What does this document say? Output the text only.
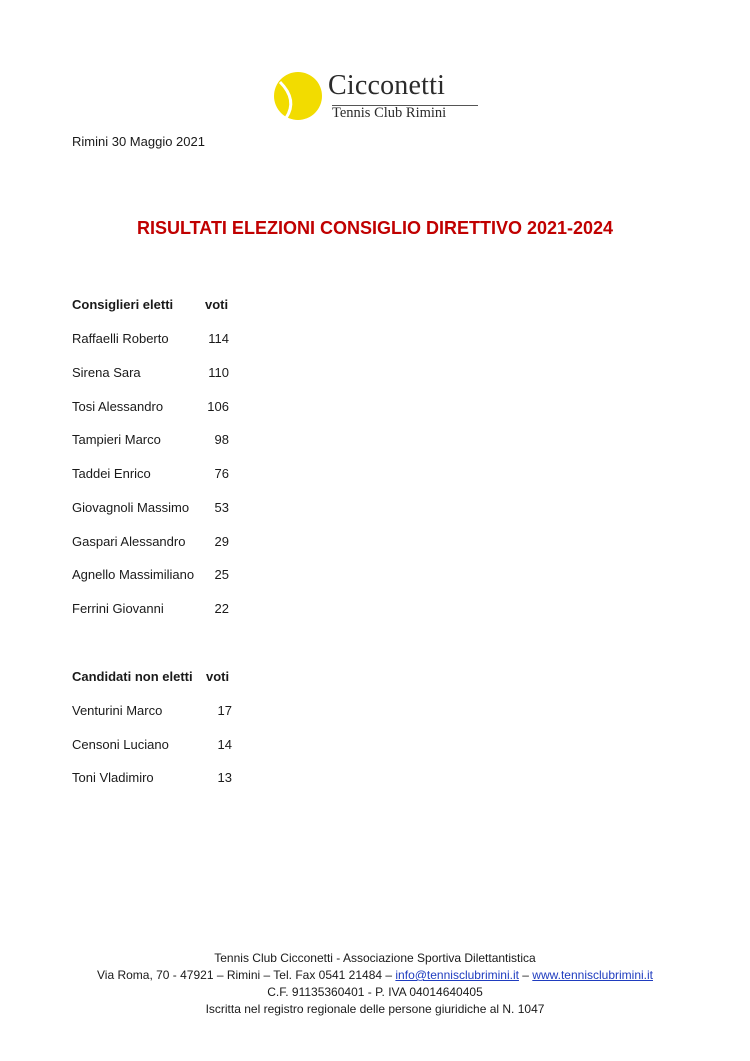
Cicconetti
Tennis Club Rimini
Rimini 30 Maggio 2021
RISULTATI ELEZIONI CONSIGLIO DIRETTIVO 2021-2024
Consiglieri eletti voti
Raffaelli Roberto	114
Sirena Sara	110
Tosi Alessandro	106
Tampieri Marco	98
Taddei Enrico	76
Giovagnoli Massimo	53
Gaspari Alessandro	29
Agnello Massimiliano	25
Ferrini Giovanni	22
Candidati non eletti voti
Venturini Marco	17
Censoni Luciano	14
Toni Vladimiro	13
Tennis Club Cicconetti - Associazione Sportiva Dilettantistica
Via Roma, 70 - 47921 – Rimini – Tel. Fax 0541 21484 – info@tennisclubrimini.it – www.tennisclubrimini.it
C.F. 91135360401 - P. IVA 04014640405
Iscritta nel registro regionale delle persone giuridiche al N. 1047
